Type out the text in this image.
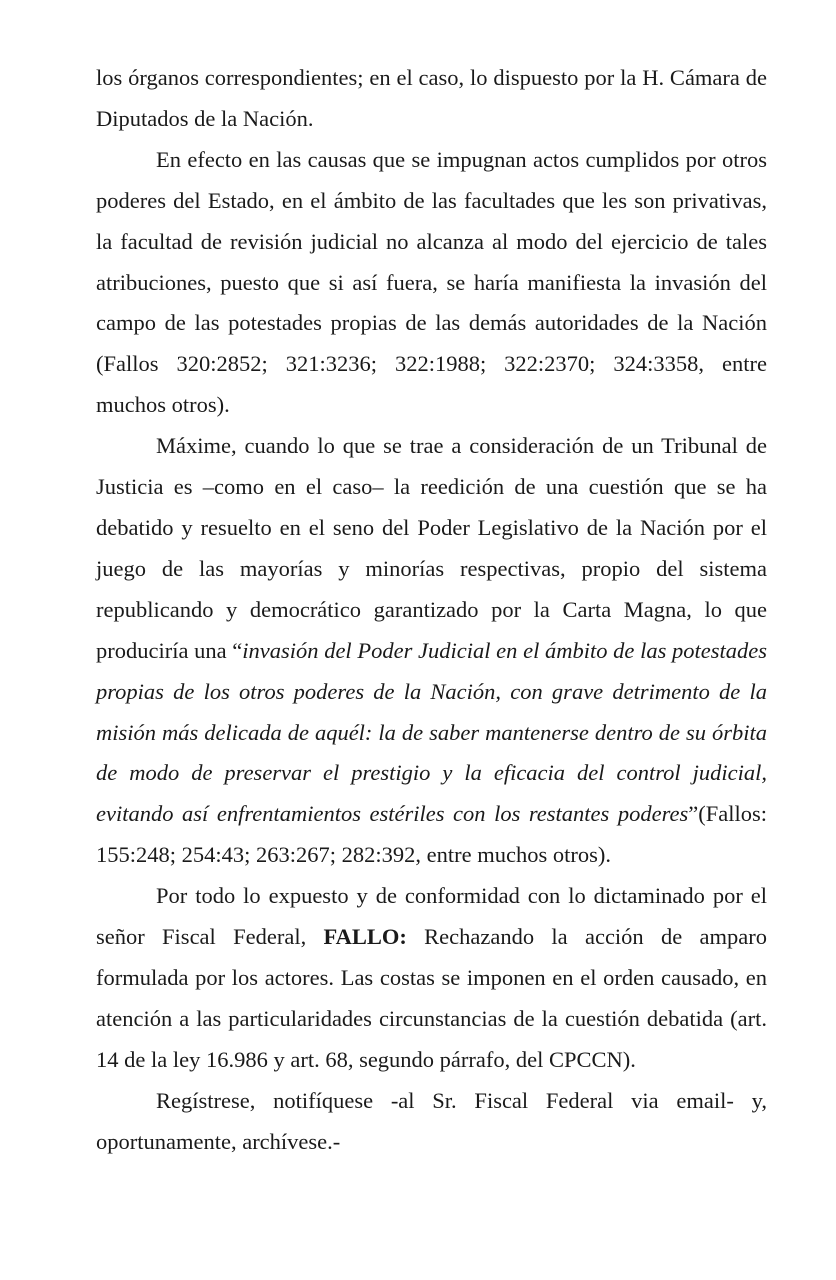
los órganos correspondientes; en el caso, lo dispuesto por la H. Cámara de Diputados de la Nación.

En efecto en las causas que se impugnan actos cumplidos por otros poderes del Estado, en el ámbito de las facultades que les son privativas, la facultad de revisión judicial no alcanza al modo del ejercicio de tales atribuciones, puesto que si así fuera, se haría manifiesta la invasión del campo de las potestades propias de las demás autoridades de la Nación (Fallos 320:2852; 321:3236; 322:1988; 322:2370; 324:3358, entre muchos otros).

Máxime, cuando lo que se trae a consideración de un Tribunal de Justicia es –como en el caso– la reedición de una cuestión que se ha debatido y resuelto en el seno del Poder Legislativo de la Nación por el juego de las mayorías y minorías respectivas, propio del sistema republicando y democrático garantizado por la Carta Magna, lo que produciría una “invasión del Poder Judicial en el ámbito de las potestades propias de los otros poderes de la Nación, con grave detrimento de la misión más delicada de aquél: la de saber mantenerse dentro de su órbita de modo de preservar el prestigio y la eficacia del control judicial, evitando así enfrentamientos estériles con los restantes poderes”(Fallos: 155:248; 254:43; 263:267; 282:392, entre muchos otros).

Por todo lo expuesto y de conformidad con lo dictaminado por el señor Fiscal Federal, FALLO: Rechazando la acción de amparo formulada por los actores. Las costas se imponen en el orden causado, en atención a las particularidades circunstancias de la cuestión debatida (art. 14 de la ley 16.986 y art. 68, segundo párrafo, del CPCCN).

Regístrese, notifíquese -al Sr. Fiscal Federal via email- y, oportunamente, archívese.-
